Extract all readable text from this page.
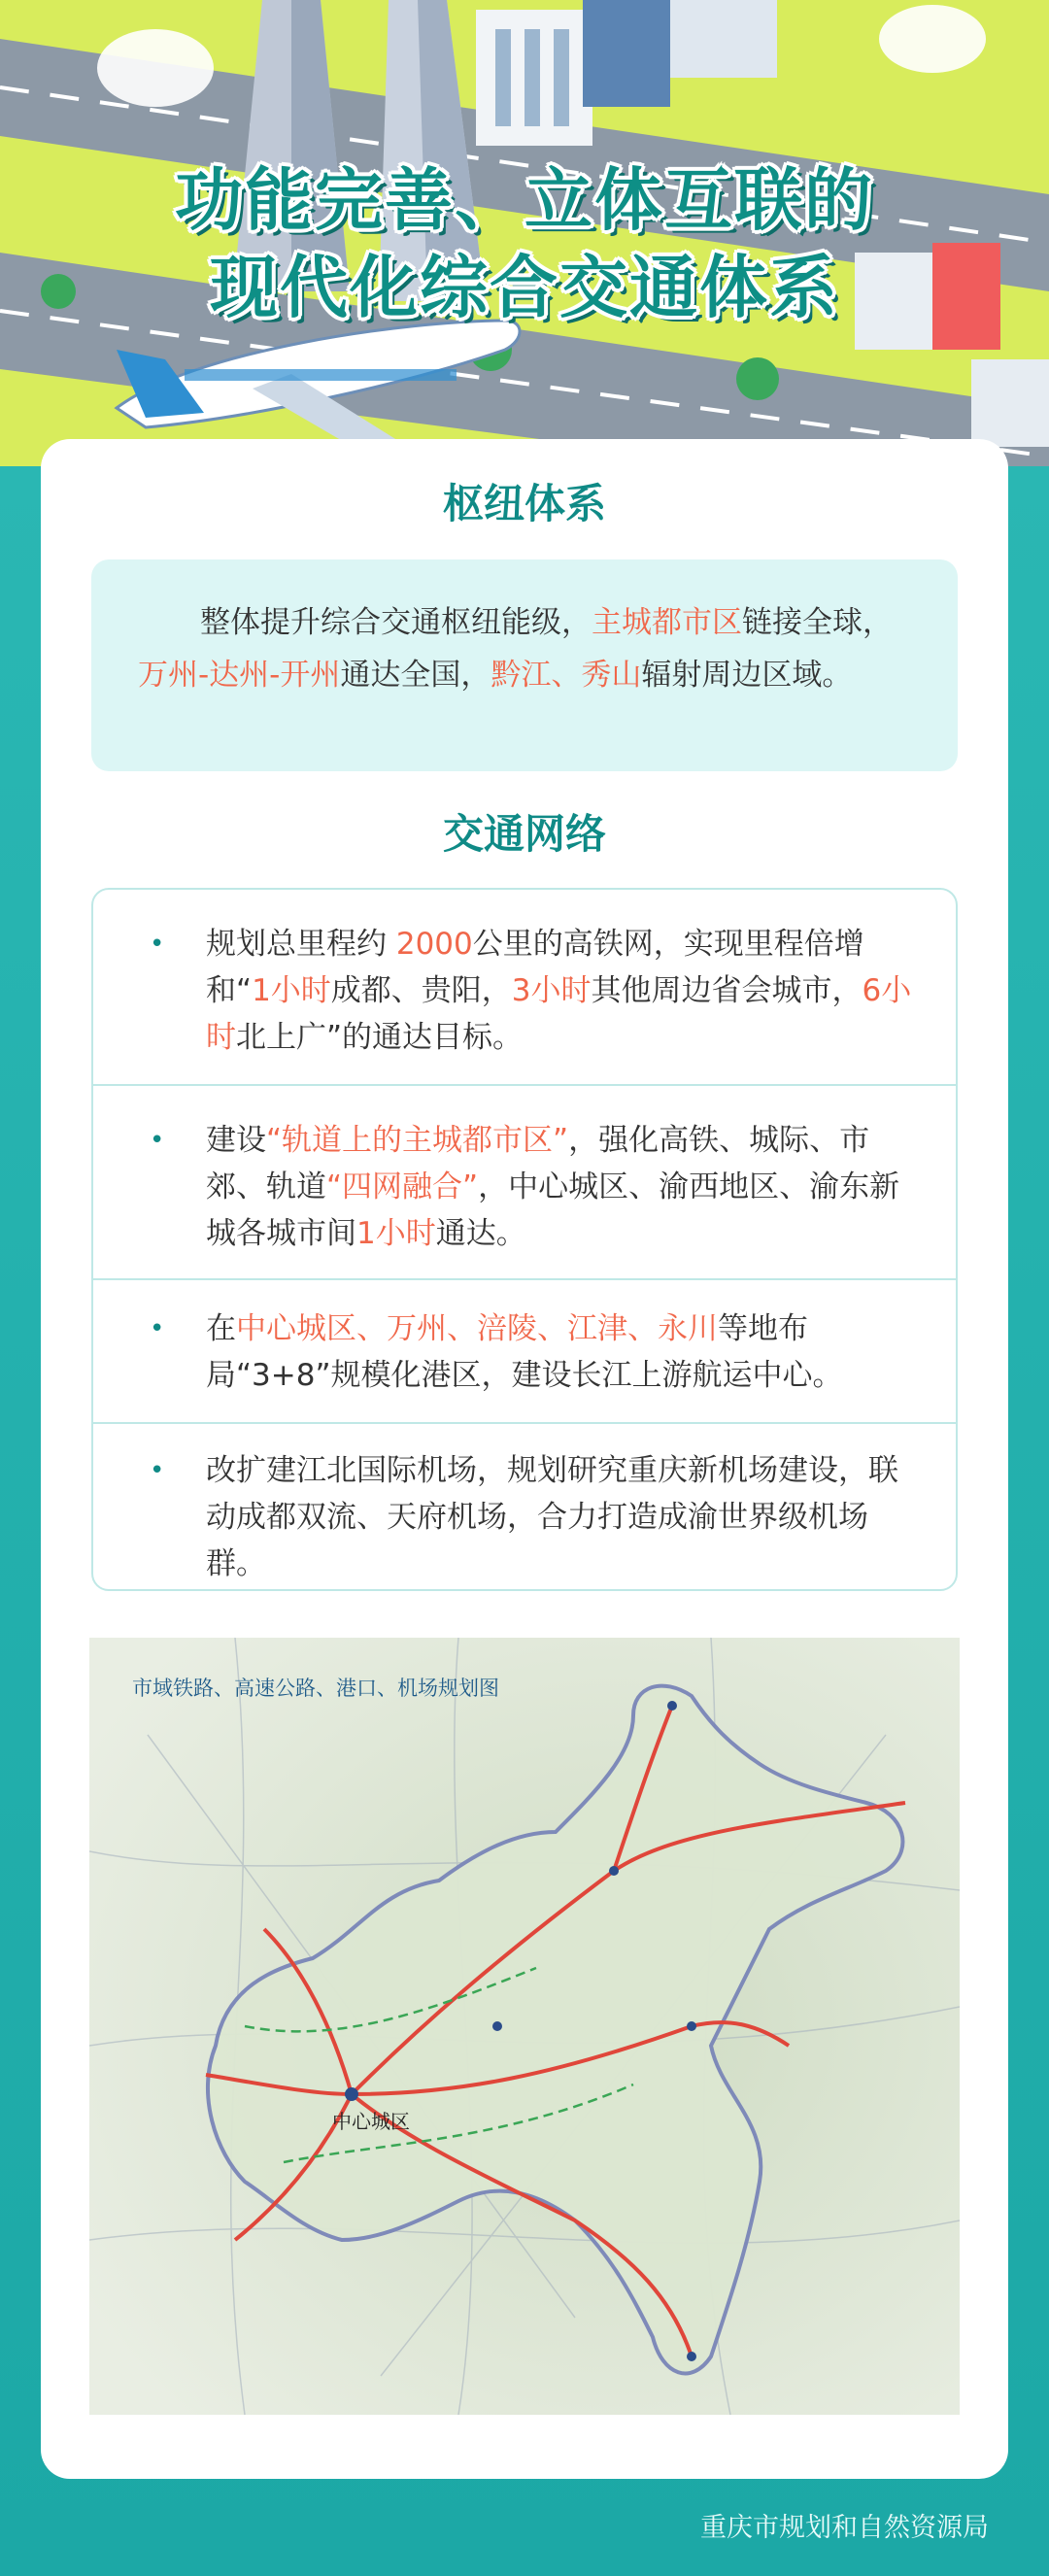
功能完善、立体互联的
现代化综合交通体系
枢纽体系

整体提升综合交通枢纽能级，主城都市区链接全球，万州-达州-开州通达全国，黔江、秀山辐射周边区域。

交通网络
• 规划总里程约 2000公里的高铁网，实现里程倍增和“1小时成都、贵阳，3小时其他周边省会城市，6小时北上广”的通达目标。
• 建设“轨道上的主城都市区”，强化高铁、城际、市郊、轨道“四网融合”，中心城区、渝西地区、渝东新城各城市间1小时通达。
• 在中心城区、万州、涪陵、江津、永川等地布局“3+8”规模化港区，建设长江上游航运中心。
• 改扩建江北国际机场，规划研究重庆新机场建设，联动成都双流、天府机场，合力打造成渝世界级机场群。
中心城区
市域铁路、高速公路、港口、机场规划图
重庆市规划和自然资源局
